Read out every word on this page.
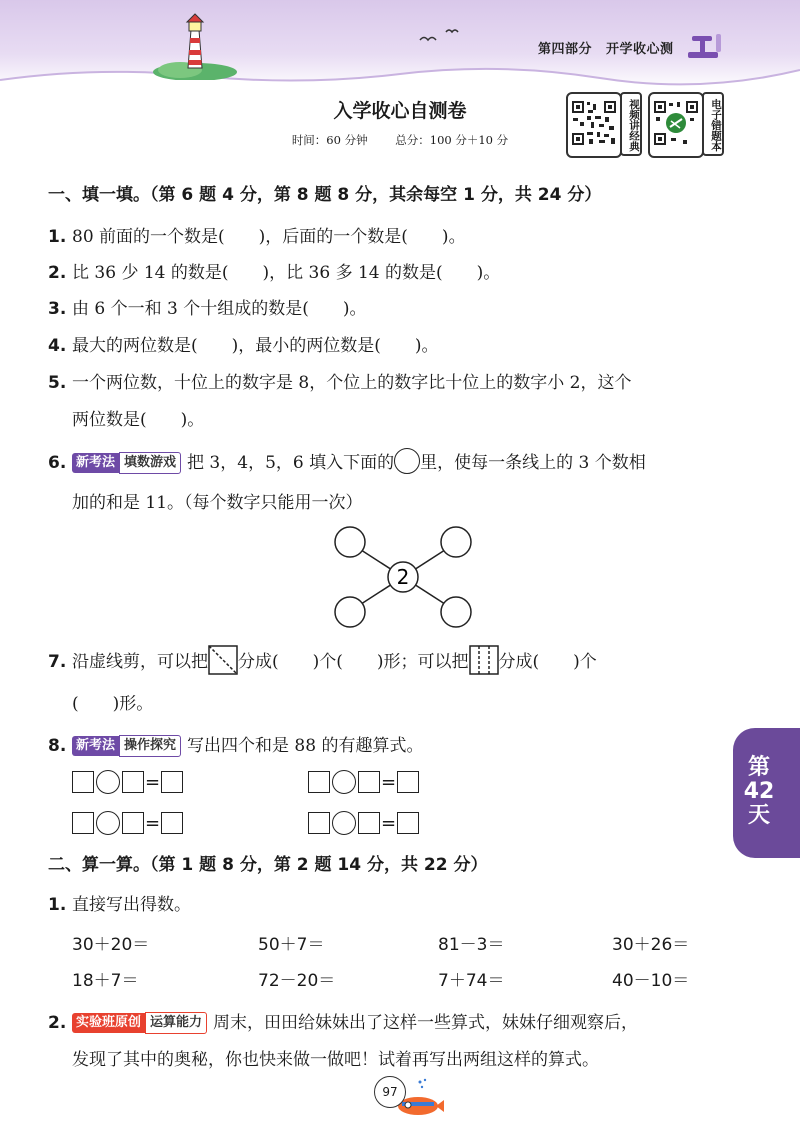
第四部分 开学收心测
入学收心自测卷
时间：60 分钟 总分：100 分＋10 分	视频讲经典	电子错题本
一、填一填。（第 6 题 4 分，第 8 题 8 分，其余每空 1 分，共 24 分）
1. 80 前面的一个数是(　　)，后面的一个数是(　　)。
2. 比 36 少 14 的数是(　　)，比 36 多 14 的数是(　　)。
3. 由 6 个一和 3 个十组成的数是(　　)。
4. 最大的两位数是(　　)，最小的两位数是(　　)。
5. 一个两位数，十位上的数字是 8，个位上的数字比十位上的数字小 2，这个
两位数是(　　)。
6. 新考法 填数游戏 把 3，4，5，6 填入下面的 里，使每一条线上的 3 个数相
加的和是 11。（每个数字只能用一次）
2
7. 沿虚线剪，可以把 分成(　　)个(　　)形；可以把 分成(　　)个
(　　)形。
8. 新考法 操作探究 写出四个和是 88 的有趣算式。
=	=
=	=
二、算一算。（第 1 题 8 分，第 2 题 14 分，共 22 分）
1. 直接写出得数。
30＋20＝	50＋7＝	81－3＝	30＋26＝
18＋7＝	72－20＝	7＋74＝	40－10＝
2. 实验班原创 运算能力 周末，田田给妹妹出了这样一些算式，妹妹仔细观察后，
发现了其中的奥秘，你也快来做一做吧！试着再写出两组这样的算式。
第
42
天
97
